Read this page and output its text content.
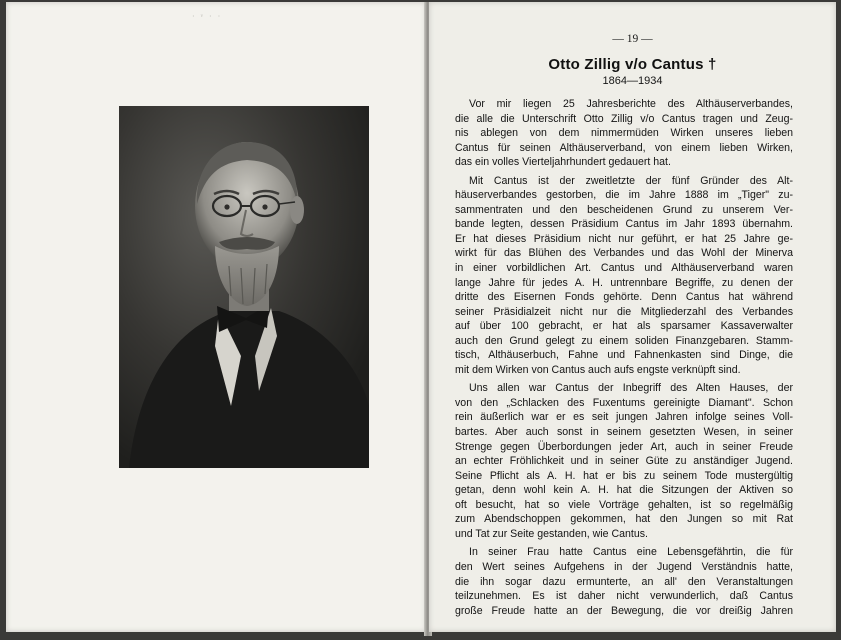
· ᵛ · ·
— 19 —
Otto Zillig v/o Cantus †
1864—1934
Vor mir liegen 25 Jahresberichte des Althäuserverbandes,
die alle die Unterschrift Otto Zillig v/o Cantus tragen und Zeug-
nis ablegen von dem nimmermüden Wirken unseres lieben
Cantus für seinen Althäuserverband, von einem lieben Wirken,
das ein volles Vierteljahrhundert gedauert hat.
Mit Cantus ist der zweitletzte der fünf Gründer des Alt-
häuserverbandes gestorben, die im Jahre 1888 im „Tiger" zu-
sammentraten und den bescheidenen Grund zu unserem Ver-
bande legten, dessen Präsidium Cantus im Jahr 1893 übernahm.
Er hat dieses Präsidium nicht nur geführt, er hat 25 Jahre ge-
wirkt für das Blühen des Verbandes und das Wohl der Minerva
in einer vorbildlichen Art. Cantus und Althäuserverband waren
lange Jahre für jedes A. H. untrennbare Begriffe, zu denen der
dritte des Eisernen Fonds gehörte. Denn Cantus hat während
seiner Präsidialzeit nicht nur die Mitgliederzahl des Verbandes
auf über 100 gebracht, er hat als sparsamer Kassaverwalter
auch den Grund gelegt zu einem soliden Finanzgebaren. Stamm-
tisch, Althäuserbuch, Fahne und Fahnenkasten sind Dinge, die
mit dem Wirken von Cantus auch aufs engste verknüpft sind.
Uns allen war Cantus der Inbegriff des Alten Hauses, der
von den „Schlacken des Fuxentums gereinigte Diamant". Schon
rein äußerlich war er es seit jungen Jahren infolge seines Voll-
bartes. Aber auch sonst in seinem gesetzten Wesen, in seiner
Strenge gegen Überbordungen jeder Art, auch in seiner Freude
an echter Fröhlichkeit und in seiner Güte zu anständiger Jugend.
Seine Pflicht als A. H. hat er bis zu seinem Tode mustergültig
getan, denn wohl kein A. H. hat die Sitzungen der Aktiven so
oft besucht, hat so viele Vorträge gehalten, ist so regelmäßig
zum Abendschoppen gekommen, hat den Jungen so mit Rat
und Tat zur Seite gestanden, wie Cantus.
In seiner Frau hatte Cantus eine Lebensgefährtin, die für
den Wert seines Aufgehens in der Jugend Verständnis hatte,
die ihn sogar dazu ermunterte, an all' den Veranstaltungen
teilzunehmen. Es ist daher nicht verwunderlich, daß Cantus
große Freude hatte an der Bewegung, die vor dreißig Jahren
